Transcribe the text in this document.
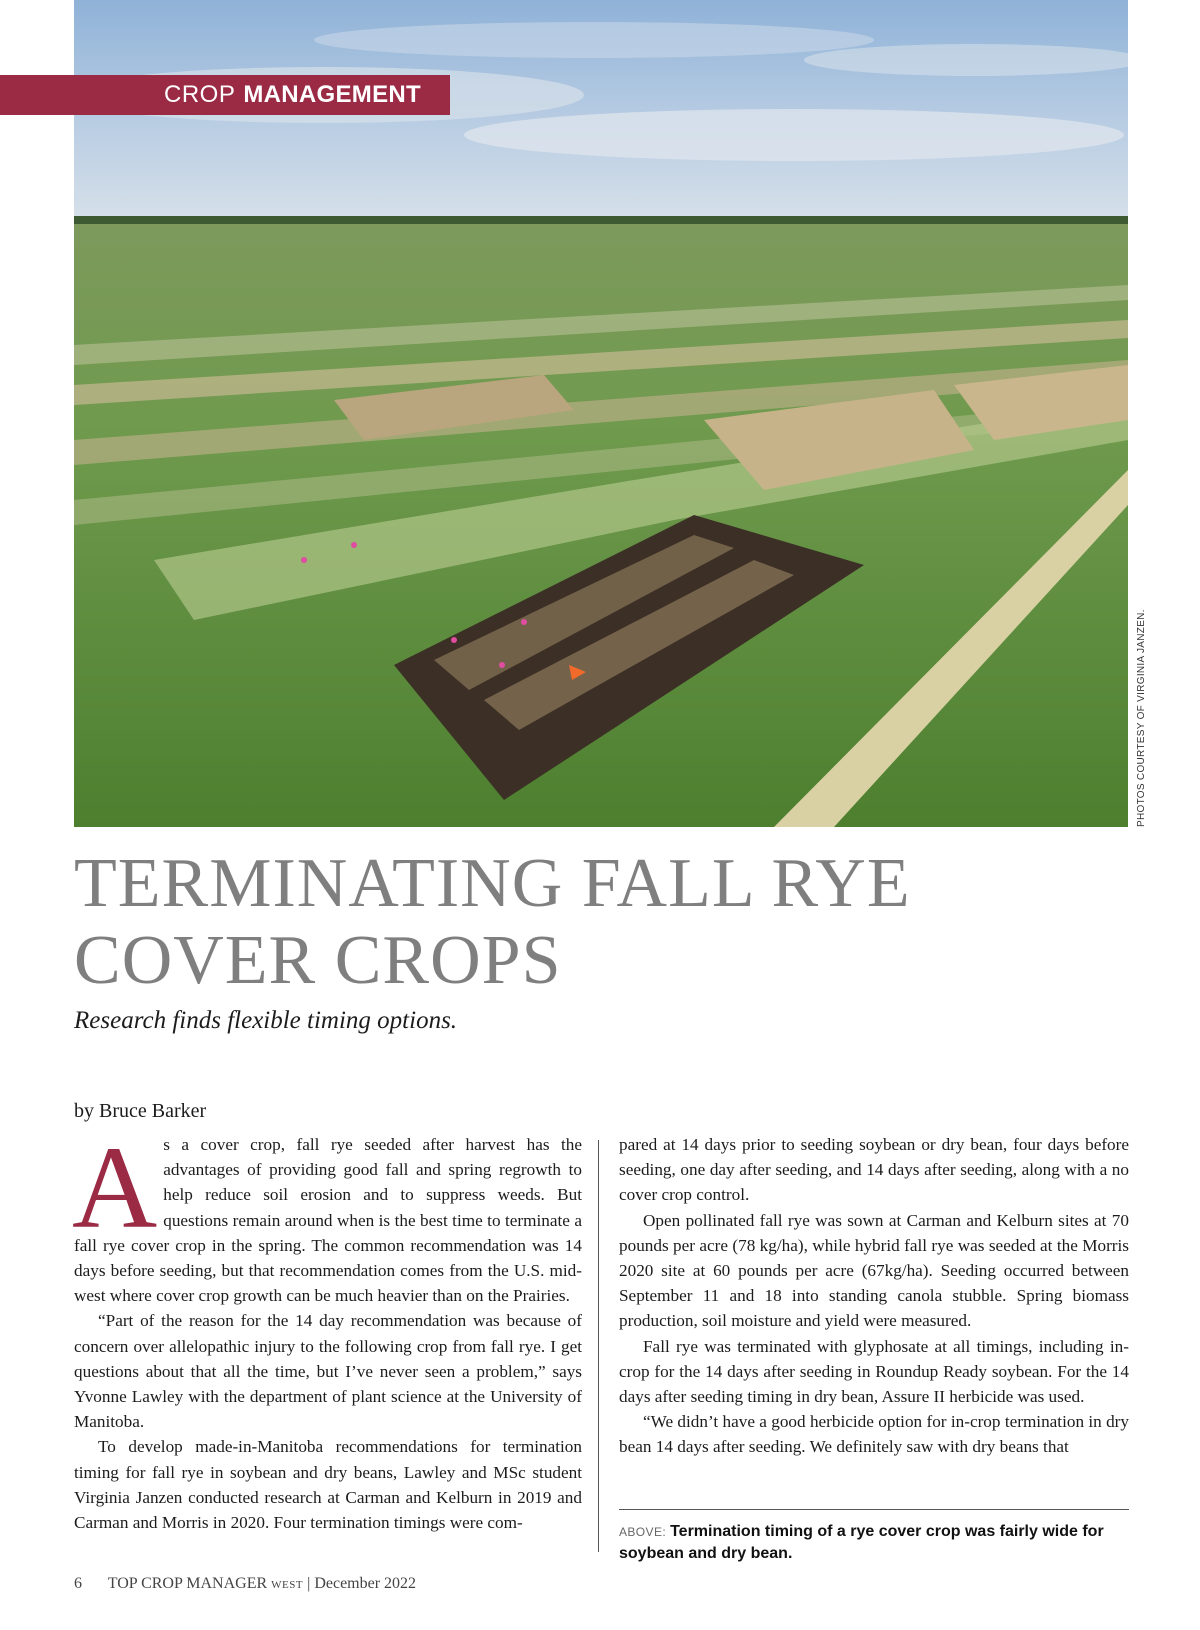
CROP MANAGEMENT
PHOTOS COURTESY OF VIRGINIA JANZEN.
TERMINATING FALL RYE
COVER CROPS

Research finds flexible timing options.

by Bruce Barker

A s a cover crop, fall rye seeded after harvest has the advantages of providing good fall and spring regrowth to help reduce soil erosion and to suppress weeds. But questions remain around when is the best time to terminate a fall rye cover crop in the spring. The common recommendation was 14 days before seeding, but that recommendation comes from the U.S. mid-west where cover crop growth can be much heavier than on the Prairies.

“Part of the reason for the 14 day recommendation was because of concern over allelopathic injury to the following crop from fall rye. I get questions about that all the time, but I’ve never seen a problem,” says Yvonne Lawley with the department of plant science at the University of Manitoba.

To develop made-in-Manitoba recommendations for termination timing for fall rye in soybean and dry beans, Lawley and MSc student Virginia Janzen conducted research at Carman and Kelburn in 2019 and Carman and Morris in 2020. Four termination timings were com-

pared at 14 days prior to seeding soybean or dry bean, four days before seeding, one day after seeding, and 14 days after seeding, along with a no cover crop control.

Open pollinated fall rye was sown at Carman and Kelburn sites at 70 pounds per acre (78 kg/ha), while hybrid fall rye was seeded at the Morris 2020 site at 60 pounds per acre (67kg/ha). Seeding occurred between September 11 and 18 into standing canola stubble. Spring biomass production, soil moisture and yield were measured.

Fall rye was terminated with glyphosate at all timings, including in-crop for the 14 days after seeding in Roundup Ready soybean. For the 14 days after seeding timing in dry bean, Assure II herbicide was used.

“We didn’t have a good herbicide option for in-crop termination in dry bean 14 days after seeding. We definitely saw with dry beans that

ABOVE: Termination timing of a rye cover crop was fairly wide for soybean and dry bean.

6 TOP CROP MANAGER WEST | December 2022
